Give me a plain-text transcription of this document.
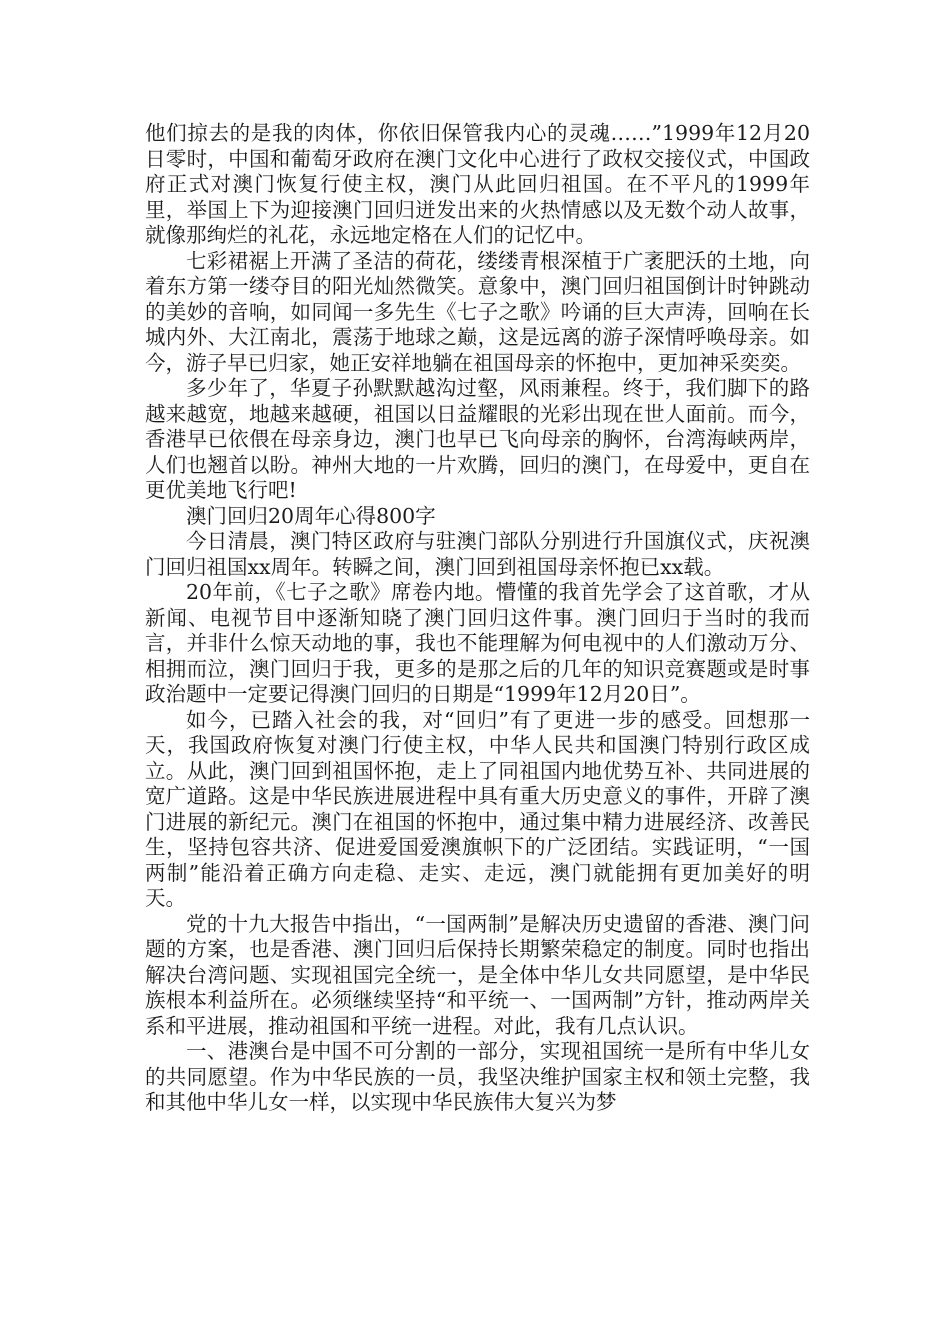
他们掠去的是我的肉体，你依旧保管我内心的灵魂……”1999年12月20日零时，中国和葡萄牙政府在澳门文化中心进行了政权交接仪式，中国政府正式对澳门恢复行使主权，澳门从此回归祖国。在不平凡的1999年里，举国上下为迎接澳门回归迸发出来的火热情感以及无数个动人故事，就像那绚烂的礼花，永远地定格在人们的记忆中。

七彩裙裾上开满了圣洁的荷花，缕缕青根深植于广袤肥沃的土地，向着东方第一缕夺目的阳光灿然微笑。意象中，澳门回归祖国倒计时钟跳动的美妙的音响，如同闻一多先生《七子之歌》吟诵的巨大声涛，回响在长城内外、大江南北，震荡于地球之巅，这是远离的游子深情呼唤母亲。如今，游子早已归家，她正安祥地躺在祖国母亲的怀抱中，更加神采奕奕。

多少年了，华夏子孙默默越沟过壑，风雨兼程。终于，我们脚下的路越来越宽，地越来越硬，祖国以日益耀眼的光彩出现在世人面前。而今，香港早已依偎在母亲身边，澳门也早已飞向母亲的胸怀，台湾海峡两岸，人们也翘首以盼。神州大地的一片欢腾，回归的澳门，在母爱中，更自在更优美地飞行吧!

澳门回归20周年心得800字

今日清晨，澳门特区政府与驻澳门部队分别进行升国旗仪式，庆祝澳门回归祖国xx周年。转瞬之间，澳门回到祖国母亲怀抱已xx载。

20年前，《七子之歌》席卷内地。懵懂的我首先学会了这首歌，才从新闻、电视节目中逐渐知晓了澳门回归这件事。澳门回归于当时的我而言，并非什么惊天动地的事，我也不能理解为何电视中的人们激动万分、相拥而泣，澳门回归于我，更多的是那之后的几年的知识竞赛题或是时事政治题中一定要记得澳门回归的日期是“1999年12月20日”。

如今，已踏入社会的我，对“回归”有了更进一步的感受。回想那一天，我国政府恢复对澳门行使主权，中华人民共和国澳门特别行政区成立。从此，澳门回到祖国怀抱，走上了同祖国内地优势互补、共同进展的宽广道路。这是中华民族进展进程中具有重大历史意义的事件，开辟了澳门进展的新纪元。澳门在祖国的怀抱中，通过集中精力进展经济、改善民生，坚持包容共济、促进爱国爱澳旗帜下的广泛团结。实践证明，“一国两制”能沿着正确方向走稳、走实、走远，澳门就能拥有更加美好的明天。

党的十九大报告中指出，“一国两制”是解决历史遗留的香港、澳门问题的方案，也是香港、澳门回归后保持长期繁荣稳定的制度。同时也指出解决台湾问题、实现祖国完全统一，是全体中华儿女共同愿望，是中华民族根本利益所在。必须继续坚持“和平统一、一国两制”方针，推动两岸关系和平进展，推动祖国和平统一进程。对此，我有几点认识。

一、港澳台是中国不可分割的一部分，实现祖国统一是所有中华儿女的共同愿望。作为中华民族的一员，我坚决维护国家主权和领土完整，我和其他中华儿女一样，以实现中华民族伟大复兴为梦
